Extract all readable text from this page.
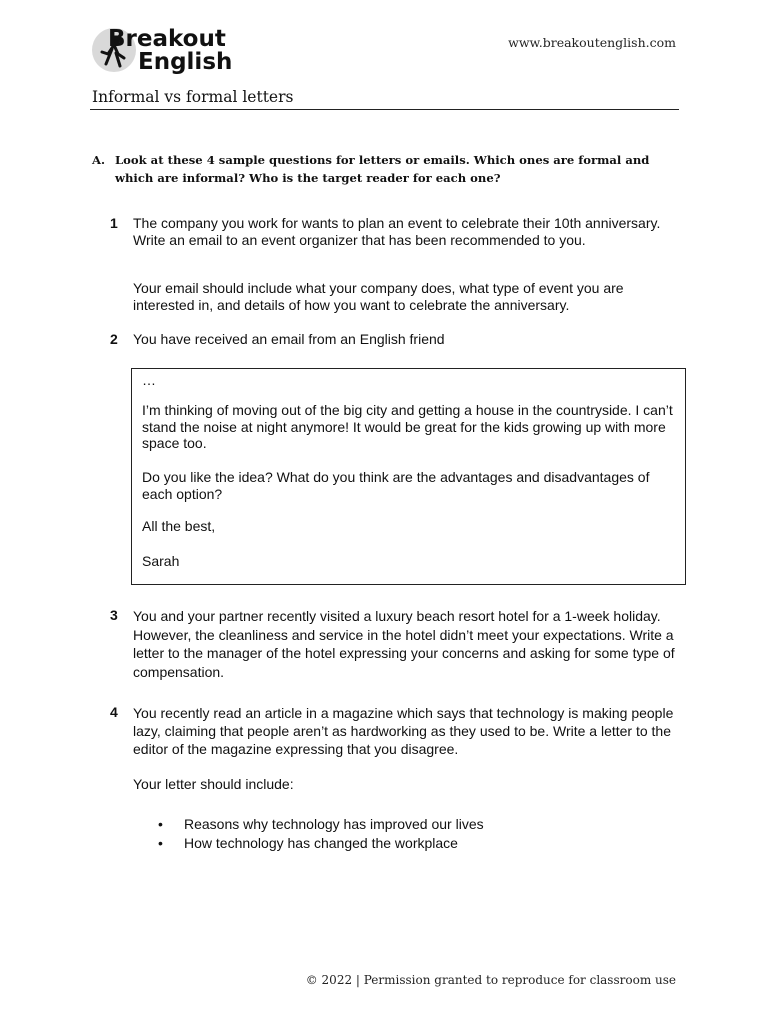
Breakout
English
www.breakoutenglish.com
Informal vs formal letters
A. Look at these 4 sample questions for letters or emails. Which ones are formal and which are informal? Who is the target reader for each one?
1 The company you work for wants to plan an event to celebrate their 10th anniversary. Write an email to an event organizer that has been recommended to you.
Your email should include what your company does, what type of event you are interested in, and details of how you want to celebrate the anniversary.
2 You have received an email from an English friend
…
I’m thinking of moving out of the big city and getting a house in the countryside. I can’t stand the noise at night anymore! It would be great for the kids growing up with more space too.
Do you like the idea? What do you think are the advantages and disadvantages of each option?
All the best,
Sarah
3 You and your partner recently visited a luxury beach resort hotel for a 1-week holiday. However, the cleanliness and service in the hotel didn’t meet your expectations. Write a letter to the manager of the hotel expressing your concerns and asking for some type of compensation.
4 You recently read an article in a magazine which says that technology is making people lazy, claiming that people aren’t as hardworking as they used to be. Write a letter to the editor of the magazine expressing that you disagree.
Your letter should include:
• Reasons why technology has improved our lives
• How technology has changed the workplace
© 2022 | Permission granted to reproduce for classroom use
